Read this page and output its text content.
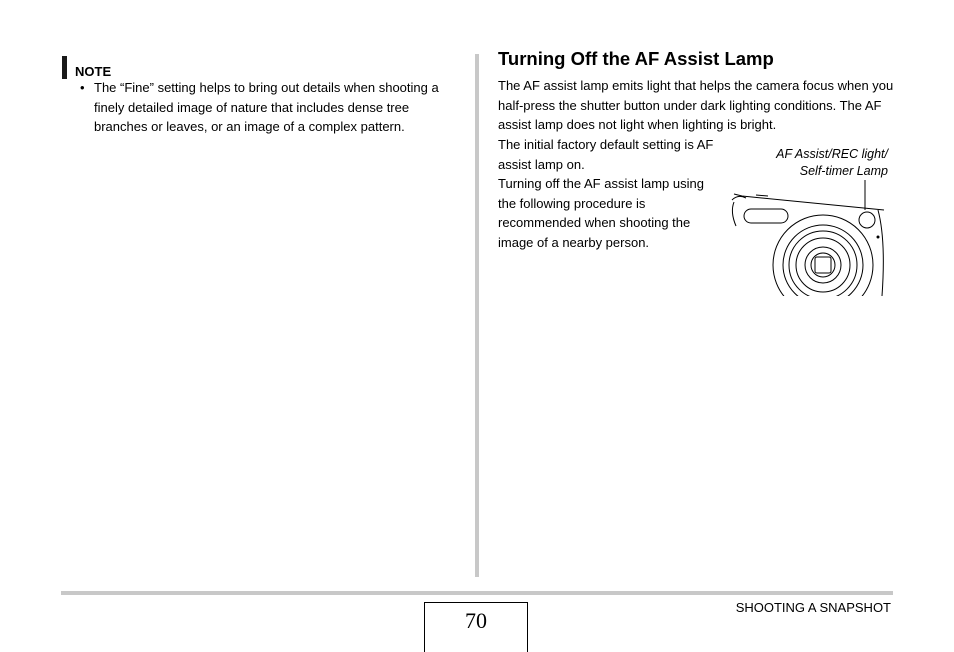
NOTE
• The “Fine” setting helps to bring out details when shooting a finely detailed image of nature that includes dense tree branches or leaves, or an image of a complex pattern.
Turning Off the AF Assist Lamp
The AF assist lamp emits light that helps the camera focus when you half-press the shutter button under dark lighting conditions. The AF assist lamp does not light when lighting is bright.

The initial factory default setting is AF assist lamp on.

Turning off the AF assist lamp using the following procedure is recommended when shooting the image of a nearby person.

AF Assist/REC light/
Self-timer Lamp
70
SHOOTING A SNAPSHOT
